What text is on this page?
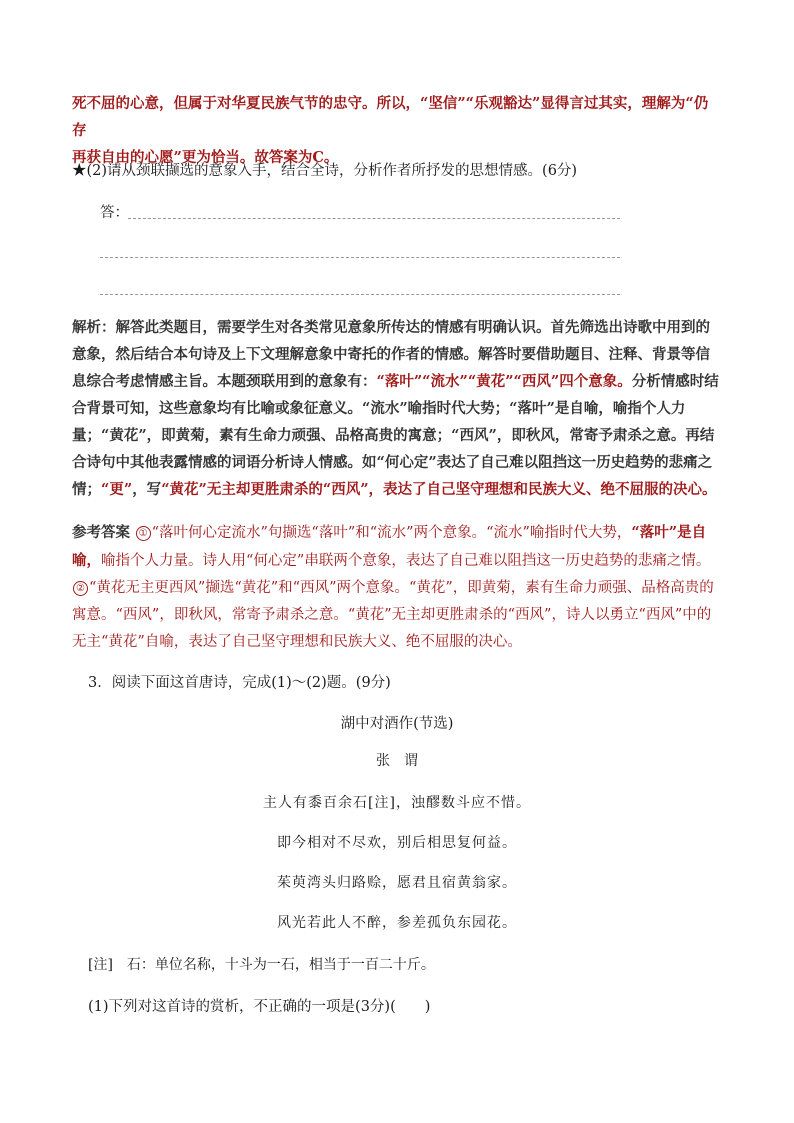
死不屈的心意，但属于对华夏民族气节的忠守。所以，“坚信”“乐观豁达”显得言过其实，理解为“仍存
再获自由的心愿”更为恰当。故答案为C。
★(2)请从颈联撷选的意象入手，结合全诗，分析作者所抒发的思想情感。(6分)
答：
解析：解答此类题目，需要学生对各类常见意象所传达的情感有明确认识。首先筛选出诗歌中用到的意象，然后结合本句诗及上下文理解意象中寄托的作者的情感。解答时要借助题目、注释、背景等信息综合考虑情感主旨。本题颈联用到的意象有：“落叶”“流水”“黄花”“西风”四个意象。分析情感时结合背景可知，这些意象均有比喻或象征意义。“流水”喻指时代大势；“落叶”是自喻，喻指个人力量；“黄花”，即黄菊，素有生命力顽强、品格高贵的寓意；“西风”，即秋风，常寄予肃杀之意。再结合诗句中其他表露情感的词语分析诗人情感。如“何心定”表达了自己难以阻挡这一历史趋势的悲痛之情；“更”，写“黄花”无主却更胜肃杀的“西风”，表达了自己坚守理想和民族大义、绝不屈服的决心。
参考答案 ① “落叶何心定流水”句撷选“落叶”和“流水”两个意象。“流水”喻指时代大势，“落叶”是自喻，喻指个人力量。诗人用“何心定”串联两个意象，表达了自己难以阻挡这一历史趋势的悲痛之情。② “黄花无主更西风”撷选“黄花”和“西风”两个意象。“黄花”，即黄菊，素有生命力顽强、品格高贵的寓意。“西风”，即秋风，常寄予肃杀之意。“黄花”无主却更胜肃杀的“西风”，诗人以勇立“西风”中的无主“黄花”自喻，表达了自己坚守理想和民族大义、绝不屈服的决心。
3．阅读下面这首唐诗，完成(1)～(2)题。(9分)
湖中对酒作(节选)
张　谓
主人有黍百余石[注]，浊醪数斗应不惜。
即今相对不尽欢，别后相思复何益。
茱萸湾头归路赊，愿君且宿黄翁家。
风光若此人不醉，参差孤负东园花。
[注]　石：单位名称，十斗为一石，相当于一百二十斤。
(1)下列对这首诗的赏析，不正确的一项是(3分)(　　)
